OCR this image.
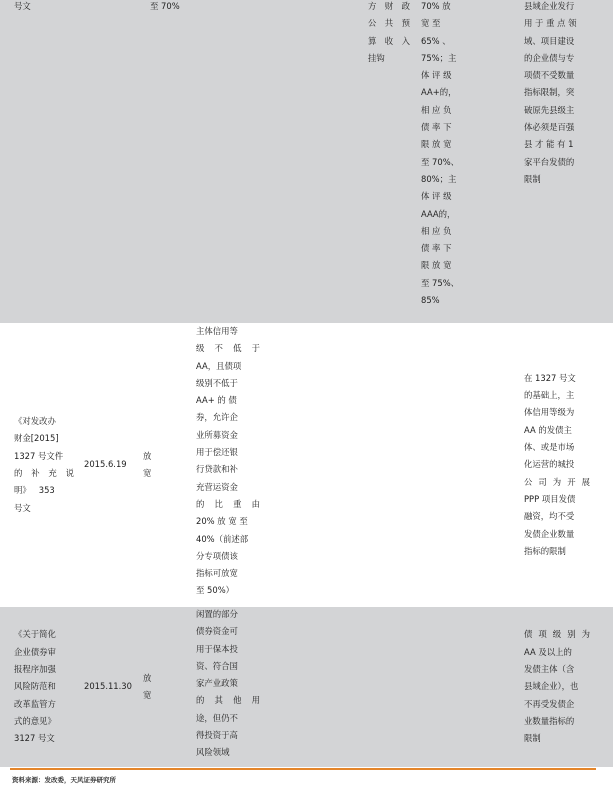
号文	至 70%	方 财 政
公 共 预
算 收 入
挂钩
70% 放
宽 至
65% 、
75%；主
体 评 级
AA+的，
相 应 负
债 率 下
限 放 宽
至 70%、
80%；主
体 评 级
AAA的，
相 应 负
债 率 下
限 放 宽
至 75%、
85%
县域企业发行
用 于 重 点 领
域、项目建设
的企业债与专
项债不受数量
指标限制，突
破原先县级主
体必须是百强
县 才 能 有 1
家平台发债的
限制
《对发改办
财金[2015]
1327 号文件
的 补 充 说
明》   353
号文
2015.6.19
放
宽
主体信用等
级 不 低 于
AA，且债项
级别不低于
AA+ 的 债
券，允许企
业所募资金
用于偿还银
行贷款和补
充营运资金
的 比 重 由
20% 放 宽 至
40%（前述部
分专项债该
指标可放宽
至 50%）
在 1327 号文
的基础上，主
体信用等级为
AA 的发债主
体、或是市场
化运营的城投
公 司 为 开 展
PPP 项目发债
融资，均不受
发债企业数量
指标的限制
《关于简化
企业债券审
报程序加强
风险防范和
改革监管方
式的意见》
3127 号文
2015.11.30
放
宽
闲置的部分
债券资金可
用于保本投
资、符合国
家产业政策
的 其 他 用
途，但仍不
得投资于高
风险领域
债 项 级 别 为
AA 及以上的
发债主体（含
县域企业），也
不再受发债企
业数量指标的
限制
资料来源：发改委，天风证券研究所
